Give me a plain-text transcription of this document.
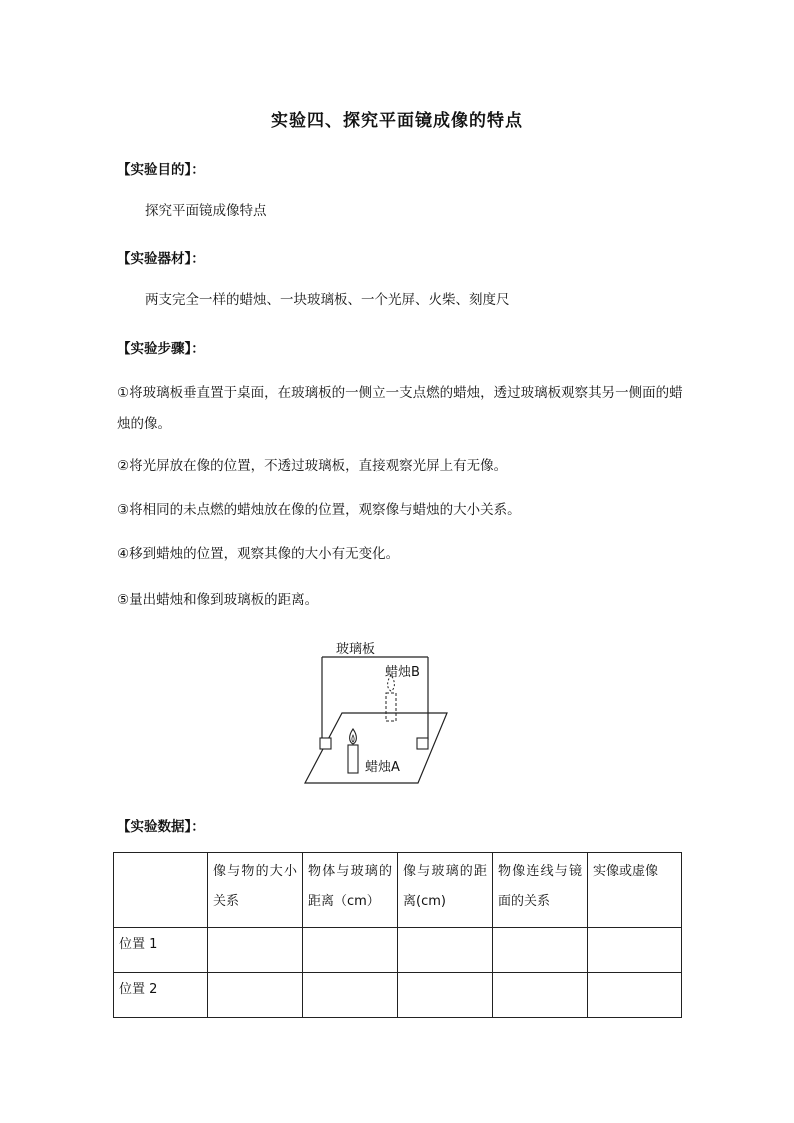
实验四、探究平面镜成像的特点
【实验目的】：
探究平面镜成像特点
【实验器材】：
两支完全一样的蜡烛、一块玻璃板、一个光屏、火柴、刻度尺
【实验步骤】：
①将玻璃板垂直置于桌面，在玻璃板的一侧立一支点燃的蜡烛，透过玻璃板观察其另一侧面的蜡烛的像。
②将光屏放在像的位置，不透过玻璃板，直接观察光屏上有无像。
③将相同的未点燃的蜡烛放在像的位置，观察像与蜡烛的大小关系。
④移到蜡烛的位置，观察其像的大小有无变化。
⑤量出蜡烛和像到玻璃板的距离。
玻璃板
蜡烛B
蜡烛A
【实验数据】：
	像与物的大小关系	物体与玻璃的距离（cm）	像与玻璃的距离(cm)	物像连线与镜面的关系	实像或虚像
位置 1					
位置 2					
